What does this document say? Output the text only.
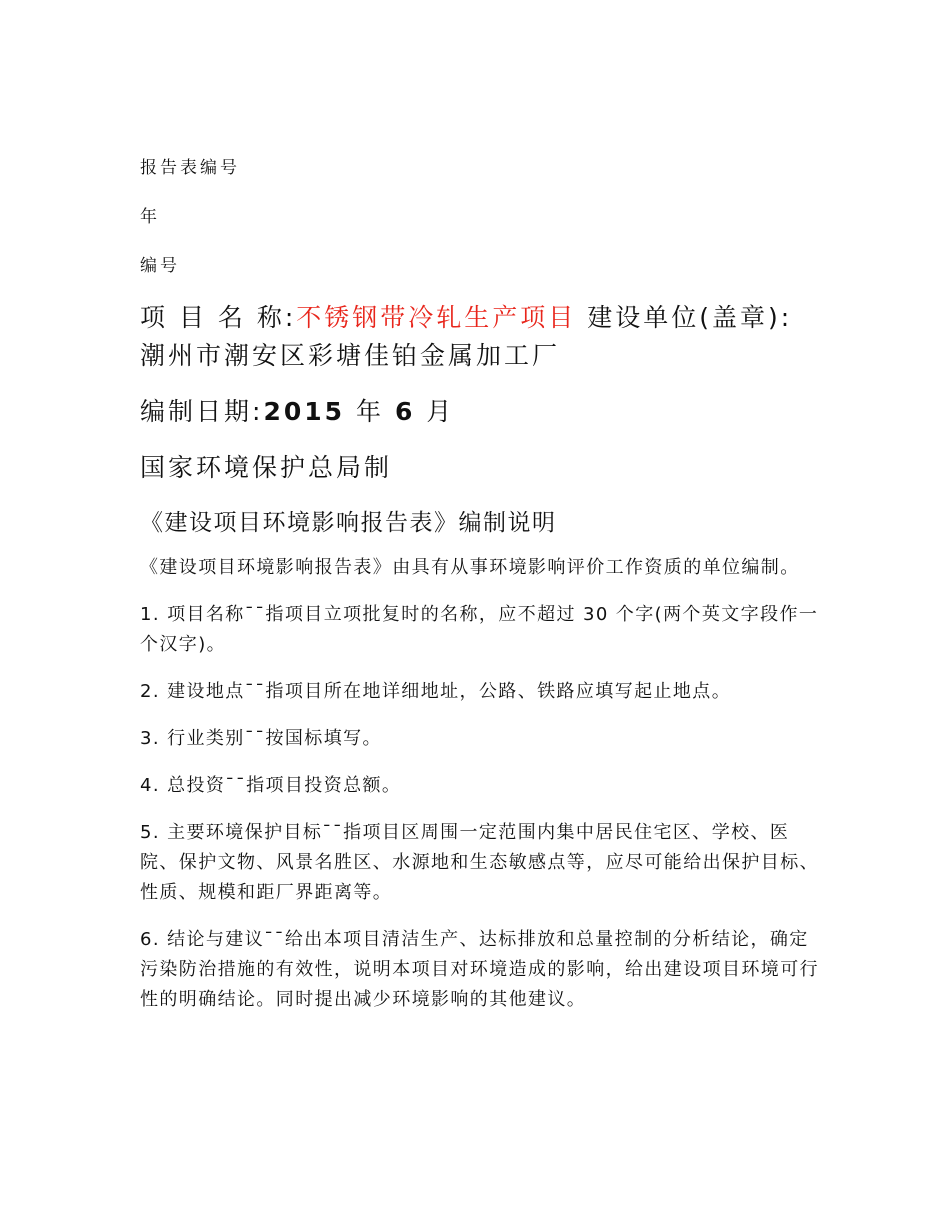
报告表编号

年

编号

项 目 名 称:不锈钢带冷轧生产项目 建设单位(盖章):潮州市潮安区彩塘佳铂金属加工厂

编制日期:2015 年 6 月

国家环境保护总局制

《建设项目环境影响报告表》编制说明

《建设项目环境影响报告表》由具有从事环境影响评价工作资质的单位编制。

1. 项目名称¯¯指项目立项批复时的名称，应不超过 30 个字(两个英文字段作一个汉字)。

2. 建设地点¯¯指项目所在地详细地址，公路、铁路应填写起止地点。

3. 行业类别¯¯按国标填写。

4. 总投资¯¯指项目投资总额。

5. 主要环境保护目标¯¯指项目区周围一定范围内集中居民住宅区、学校、医院、保护文物、风景名胜区、水源地和生态敏感点等，应尽可能给出保护目标、性质、规模和距厂界距离等。

6. 结论与建议¯¯给出本项目清洁生产、达标排放和总量控制的分析结论，确定污染防治措施的有效性，说明本项目对环境造成的影响，给出建设项目环境可行性的明确结论。同时提出减少环境影响的其他建议。
